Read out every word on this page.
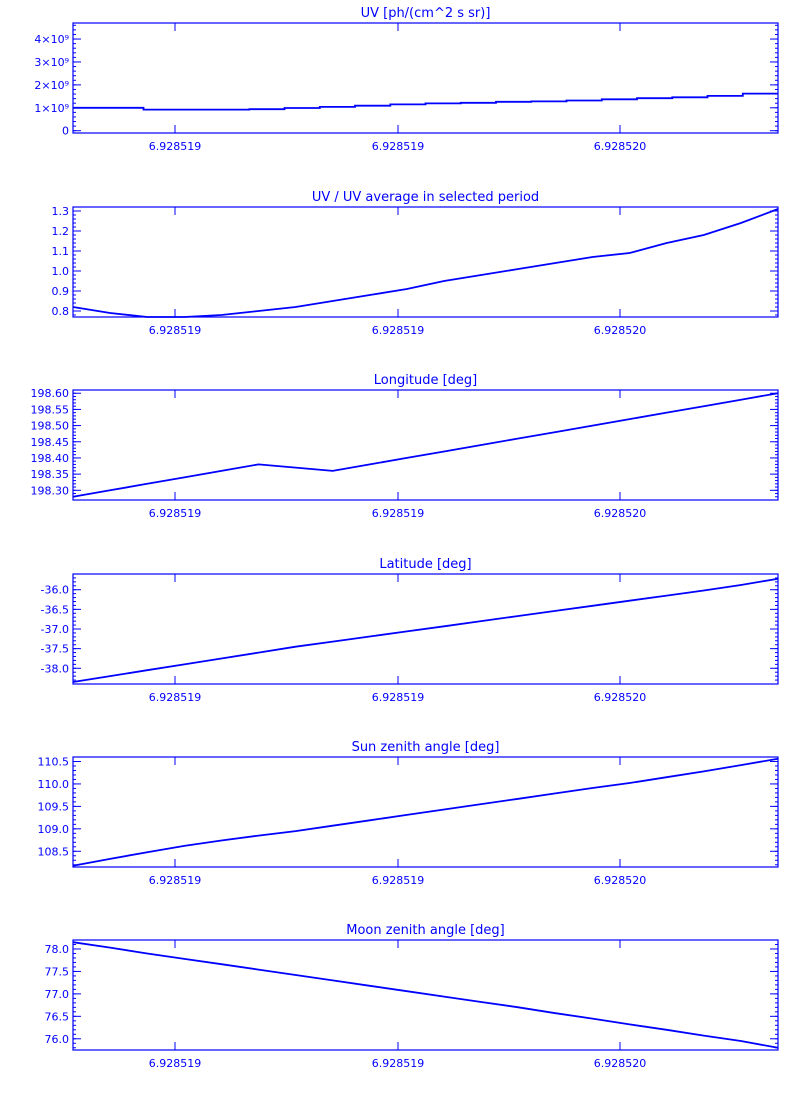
UV [ph/(cm^2 s sr)]
0
1×10⁹
2×10⁹
3×10⁹
4×10⁹
6.928519	6.928519	6.928520
UV / UV average in selected period
0.8
0.9
1.0
1.1
1.2
1.3
6.928519	6.928519	6.928520
Longitude [deg]
198.30
198.35
198.40
198.45
198.50
198.55
198.60
6.928519	6.928519	6.928520
Latitude [deg]
-38.0
-37.5
-37.0
-36.5
-36.0
6.928519	6.928519	6.928520
Sun zenith angle [deg]
108.5
109.0
109.5
110.0
110.5
6.928519	6.928519	6.928520
Moon zenith angle [deg]
76.0
76.5
77.0
77.5
78.0
6.928519	6.928519	6.928520
